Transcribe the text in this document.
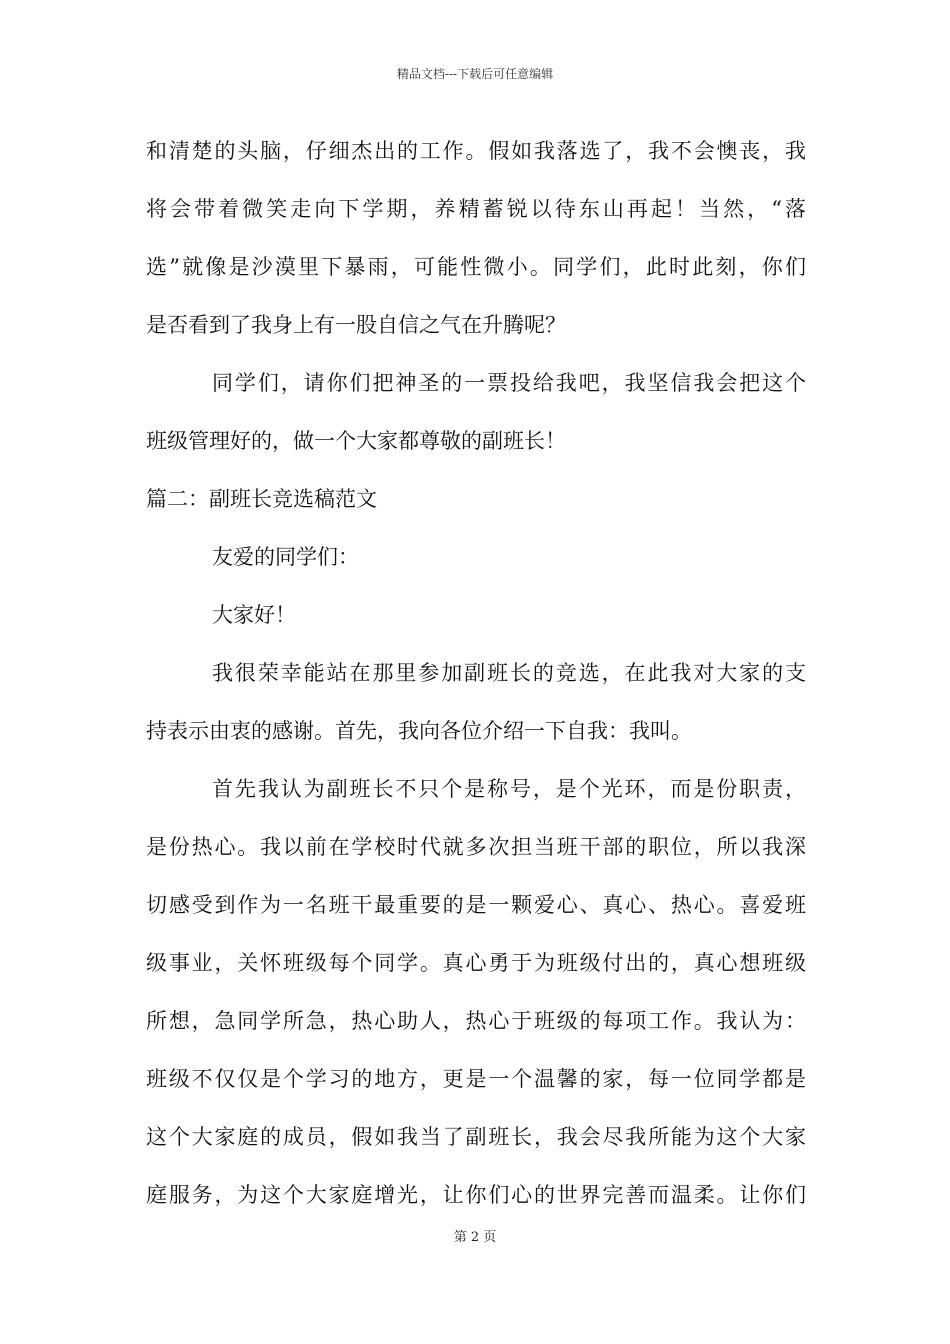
精品文档---下载后可任意编辑
和清楚的头脑，仔细杰出的工作。假如我落选了，我不会懊丧，我
将会带着微笑走向下学期，养精蓄锐以待东山再起！当然，“落
选”就像是沙漠里下暴雨，可能性微小。同学们，此时此刻，你们
是否看到了我身上有一股自信之气在升腾呢？
同学们，请你们把神圣的一票投给我吧，我坚信我会把这个
班级管理好的，做一个大家都尊敬的副班长！
篇二：副班长竞选稿范文
友爱的同学们：
大家好！
我很荣幸能站在那里参加副班长的竞选，在此我对大家的支
持表示由衷的感谢。首先，我向各位介绍一下自我：我叫。
首先我认为副班长不只个是称号，是个光环，而是份职责，
是份热心。我以前在学校时代就多次担当班干部的职位，所以我深
切感受到作为一名班干最重要的是一颗爱心、真心、热心。喜爱班
级事业，关怀班级每个同学。真心勇于为班级付出的，真心想班级
所想，急同学所急，热心助人，热心于班级的每项工作。我认为：
班级不仅仅是个学习的地方，更是一个温馨的家，每一位同学都是
这个大家庭的成员，假如我当了副班长，我会尽我所能为这个大家
庭服务，为这个大家庭增光，让你们心的世界完善而温柔。让你们
第 2 页
